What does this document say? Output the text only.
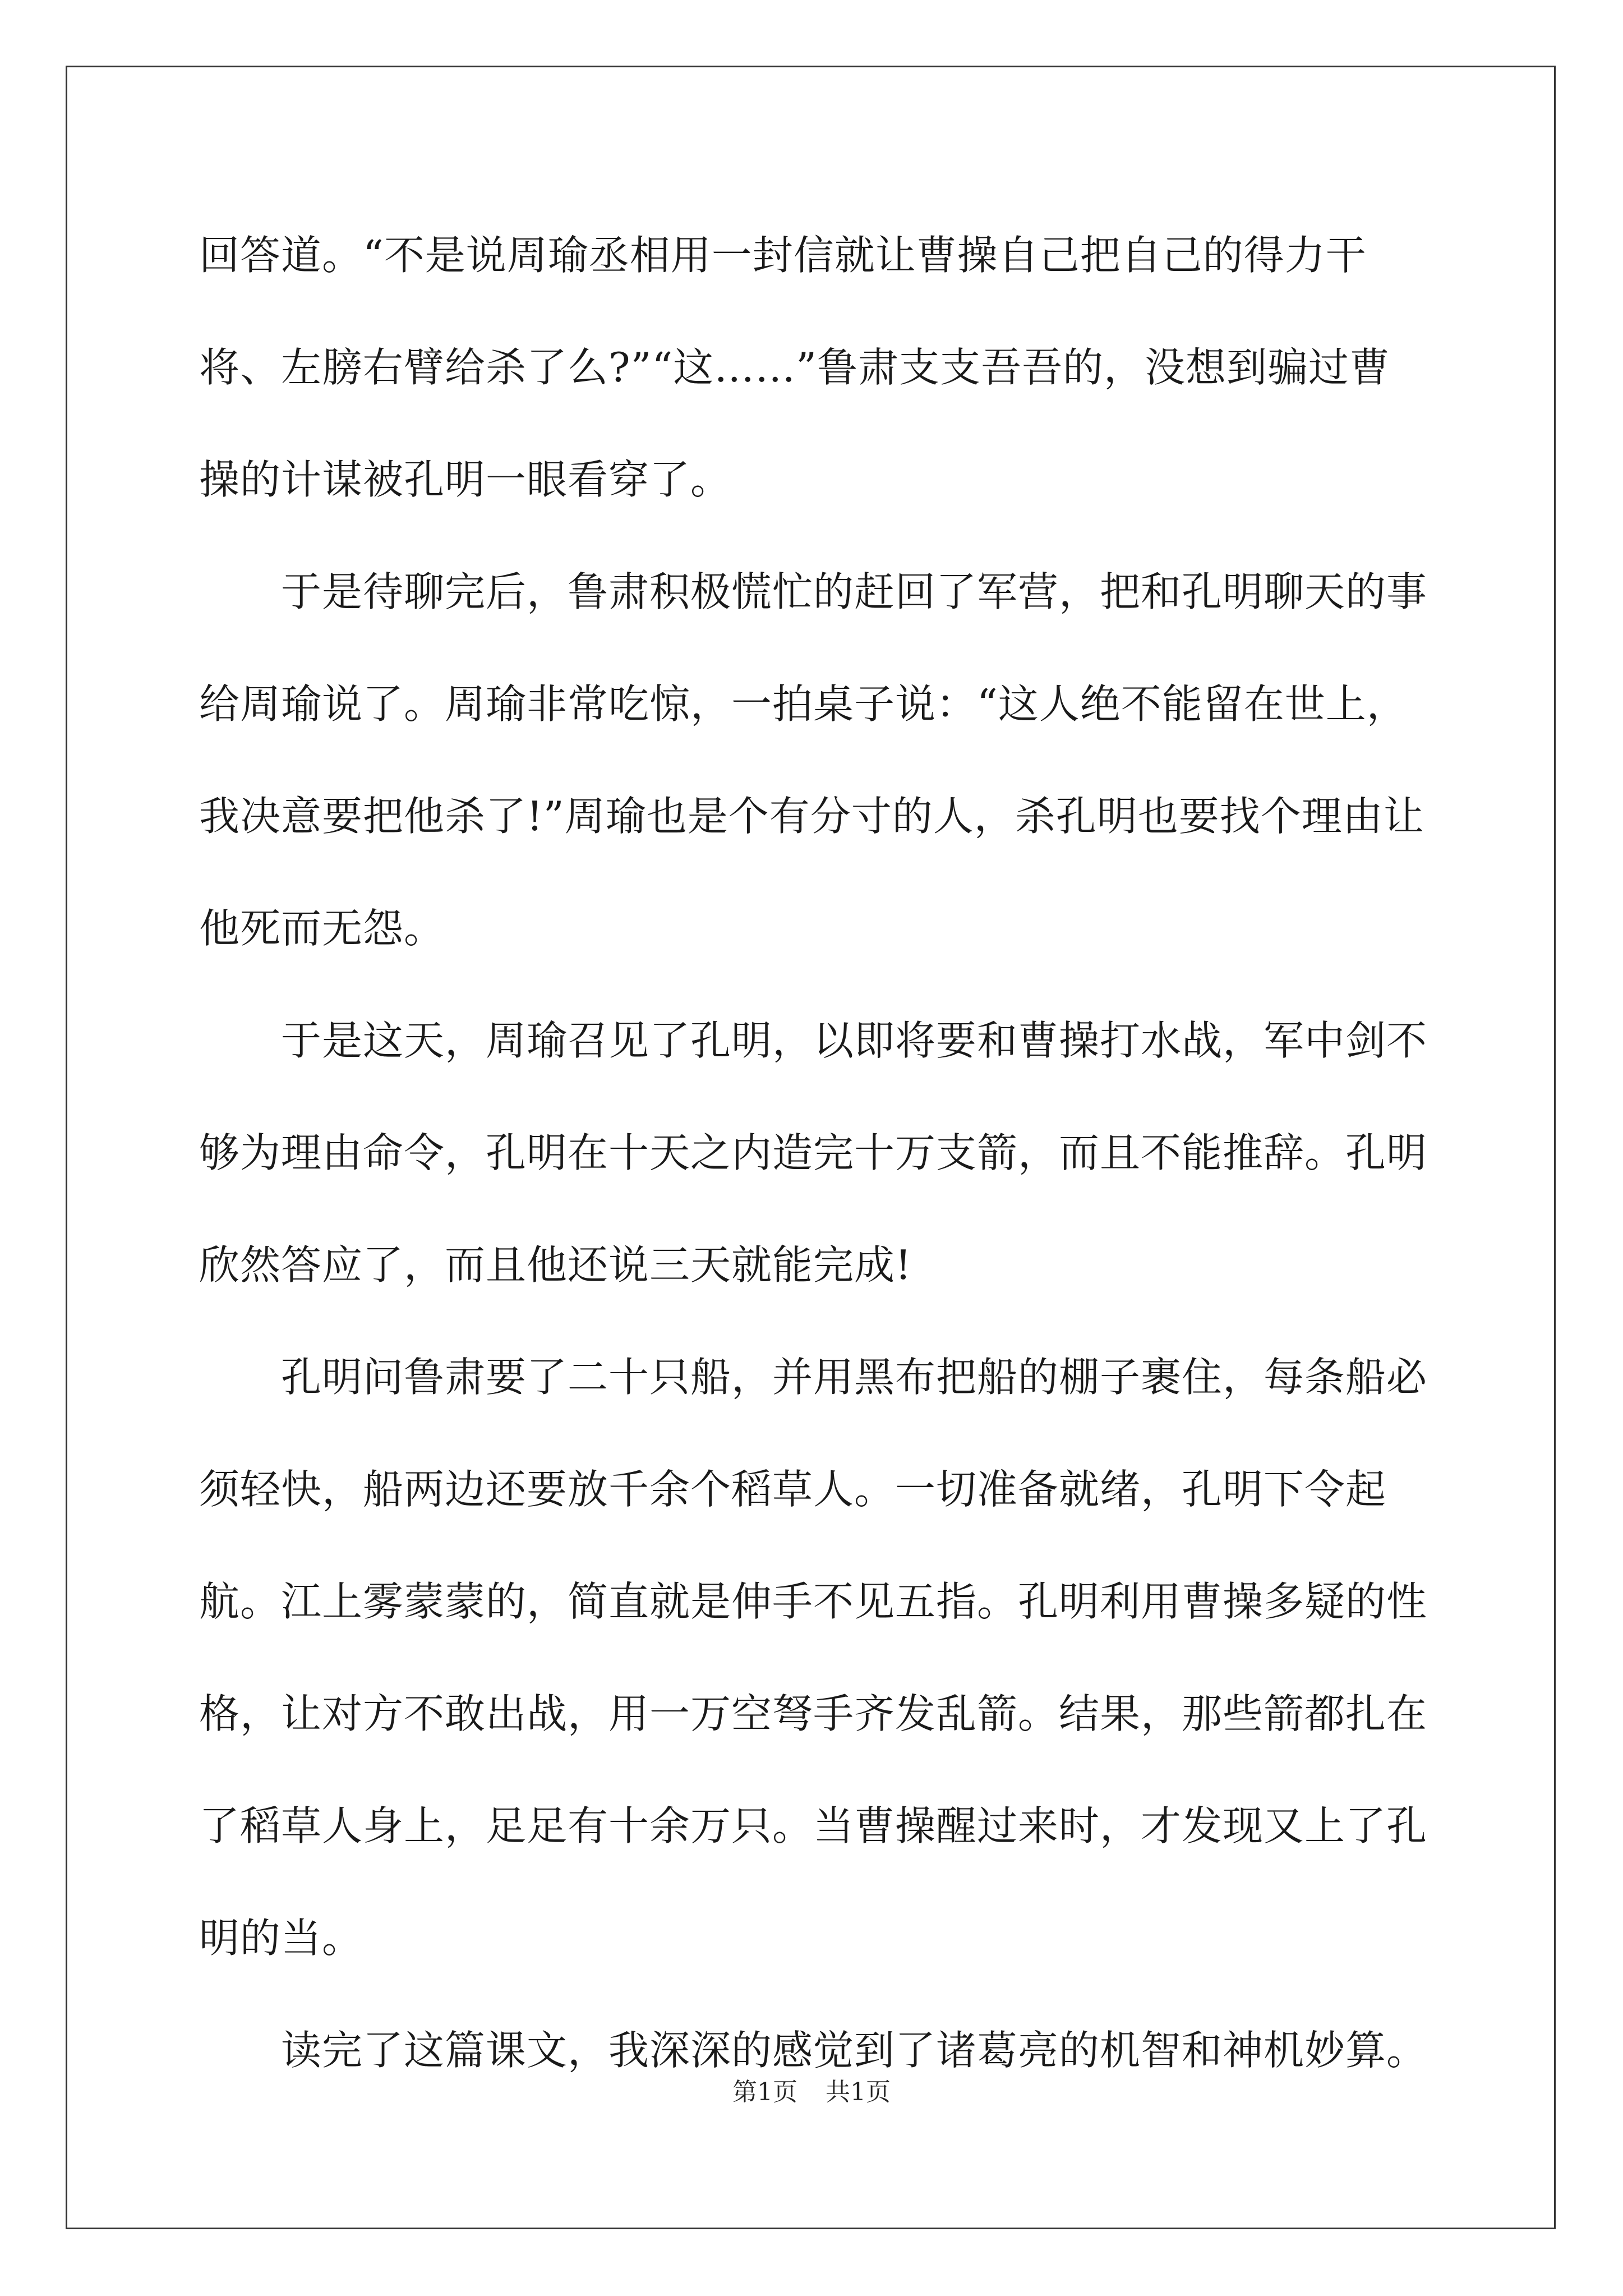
回答道。“不是说周瑜丞相用一封信就让曹操自己把自己的得力干将、左膀右臂给杀了么?”“这……”鲁肃支支吾吾的，没想到骗过曹操的计谋被孔明一眼看穿了。

于是待聊完后，鲁肃积极慌忙的赶回了军营，把和孔明聊天的事给周瑜说了。周瑜非常吃惊，一拍桌子说：“这人绝不能留在世上，我决意要把他杀了!”周瑜也是个有分寸的人，杀孔明也要找个理由让他死而无怨。

于是这天，周瑜召见了孔明，以即将要和曹操打水战，军中剑不够为理由命令，孔明在十天之内造完十万支箭，而且不能推辞。孔明欣然答应了，而且他还说三天就能完成!

孔明问鲁肃要了二十只船，并用黑布把船的棚子裹住，每条船必须轻快，船两边还要放千余个稻草人。一切准备就绪，孔明下令起航。江上雾蒙蒙的，简直就是伸手不见五指。孔明利用曹操多疑的性格，让对方不敢出战，用一万空弩手齐发乱箭。结果，那些箭都扎在了稻草人身上，足足有十余万只。当曹操醒过来时，才发现又上了孔明的当。

读完了这篇课文，我深深的感觉到了诸葛亮的机智和神机妙算。

第1页 共1页
